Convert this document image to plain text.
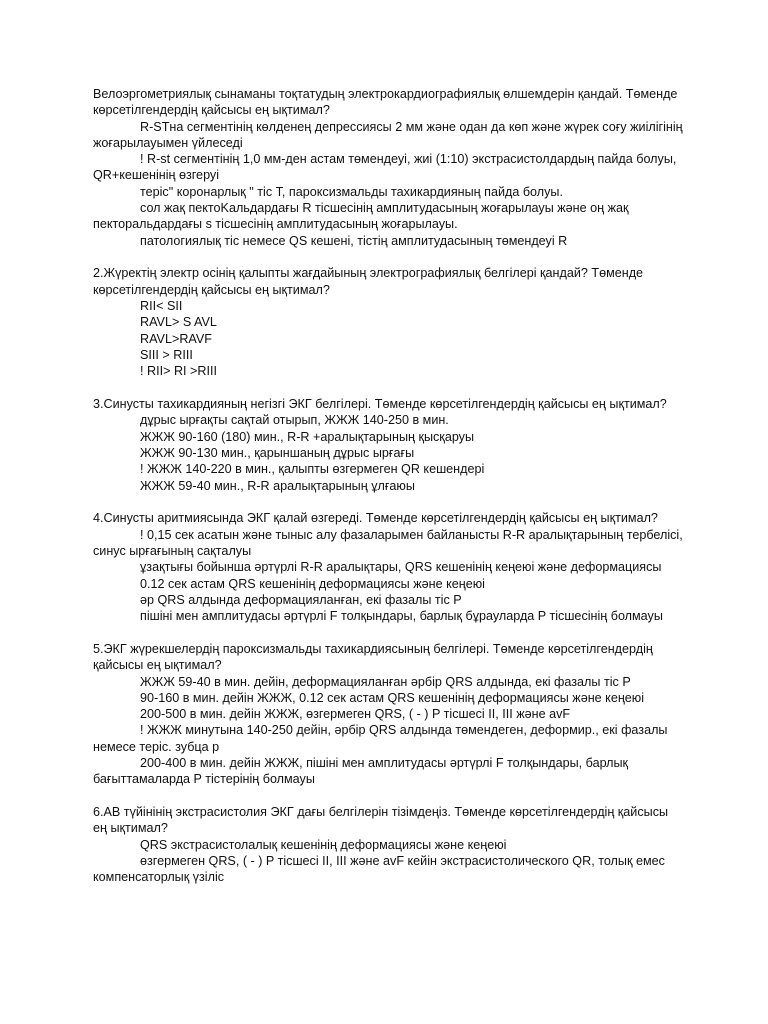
Велоэргометриялық сынаманы тоқтатудың электрокардиографиялық өлшемдерін қандай. Төменде көрсетілгендердің қайсысы ең ықтимал?
R-STна сегментінің көлденең депрессиясы 2 мм және одан да көп және жүрек соғу жиілігінің жоғарылауымен үйлеседі
! R-st сегментінің 1,0 мм-ден астам төмендеуі, жиі (1:10) экстрасистолдардың пайда болуы, QR+кешенінің өзгеруі
теріс" коронарлық " тіс Т, пароксизмальды тахикардияның пайда болуы.
сол жақ пектоKальдардағы R тісшесінің амплитудасының жоғарылауы және оң жақ пекторальдардағы s тісшесінің амплитудасының жоғарылауы.
патологиялық тіс немесе QS кешені, тістің амплитудасының төмендеуі R
2.Жүректің электр осінің қалыпты жағдайының электрографиялық белгілері қандай? Төменде көрсетілгендердің қайсысы ең ықтимал?
RII< SII
RAVL> S AVL
RAVL>RAVF
SIII > RIII
! RII> RI >RIII
3.Синусты тахикардияның негізгі ЭКГ белгілері. Төменде көрсетілгендердің қайсысы ең ықтимал?
дұрыс ырғақты сақтай отырып, ЖЖЖ 140-250 в мин.
ЖЖЖ 90-160 (180) мин., R-R +аралықтарының қысқаруы
ЖЖЖ 90-130 мин., қарыншаның дұрыс ырғағы
! ЖЖЖ 140-220 в мин., қалыпты өзгермеген QR кешендері
ЖЖЖ 59-40 мин., R-R аралықтарының ұлғаюы
4.Синусты аритмиясында ЭКГ қалай өзгереді. Төменде көрсетілгендердің қайсысы ең ықтимал?
! 0,15 сек асатын және тыныс алу фазаларымен байланысты R-R аралықтарының тербелісі, синус ырғағының сақталуы
ұзақтығы бойынша әртүрлі R-R аралықтары, QRS кешенінің кеңеюі және деформациясы
0.12 сек астам QRS кешенінің деформациясы және кеңеюі
әр QRS алдында деформацияланған, екі фазалы тіс P
пішіні мен амплитудасы әртүрлі F толқындары, барлық бұрауларда P тісшесінің болмауы
5.ЭКГ жүрекшелердің пароксизмальды тахикардиясының белгілері. Төменде көрсетілгендердің қайсысы ең ықтимал?
ЖЖЖ 59-40 в мин. дейін, деформацияланған әрбір QRS алдында, екі фазалы тіс P
90-160 в мин. дейін ЖЖЖ, 0.12 сек астам QRS кешенінің деформациясы және кеңеюі
200-500 в мин. дейін ЖЖЖ, өзгермеген QRS, ( - ) P тісшесі II, III және avF
! ЖЖЖ минутына 140-250 дейін, әрбір QRS алдында төмендеген, деформир., екі фазалы немесе теріс. зубца р
200-400 в мин. дейін ЖЖЖ, пішіні мен амплитудасы әртүрлі F толқындары, барлық бағыттамаларда P тістерінің болмауы
6.AВ түйінінің экстрасистолия ЭКГ дағы белгілерін тізімдеңіз. Төменде көрсетілгендердің қайсысы ең ықтимал?
QRS экстрасистолалық кешенінің деформациясы және кеңеюі
өзгермеген QRS, ( - ) P тісшесі II, III және avF кейін экстрасистолического QR, толық емес компенсаторлық үзіліс
